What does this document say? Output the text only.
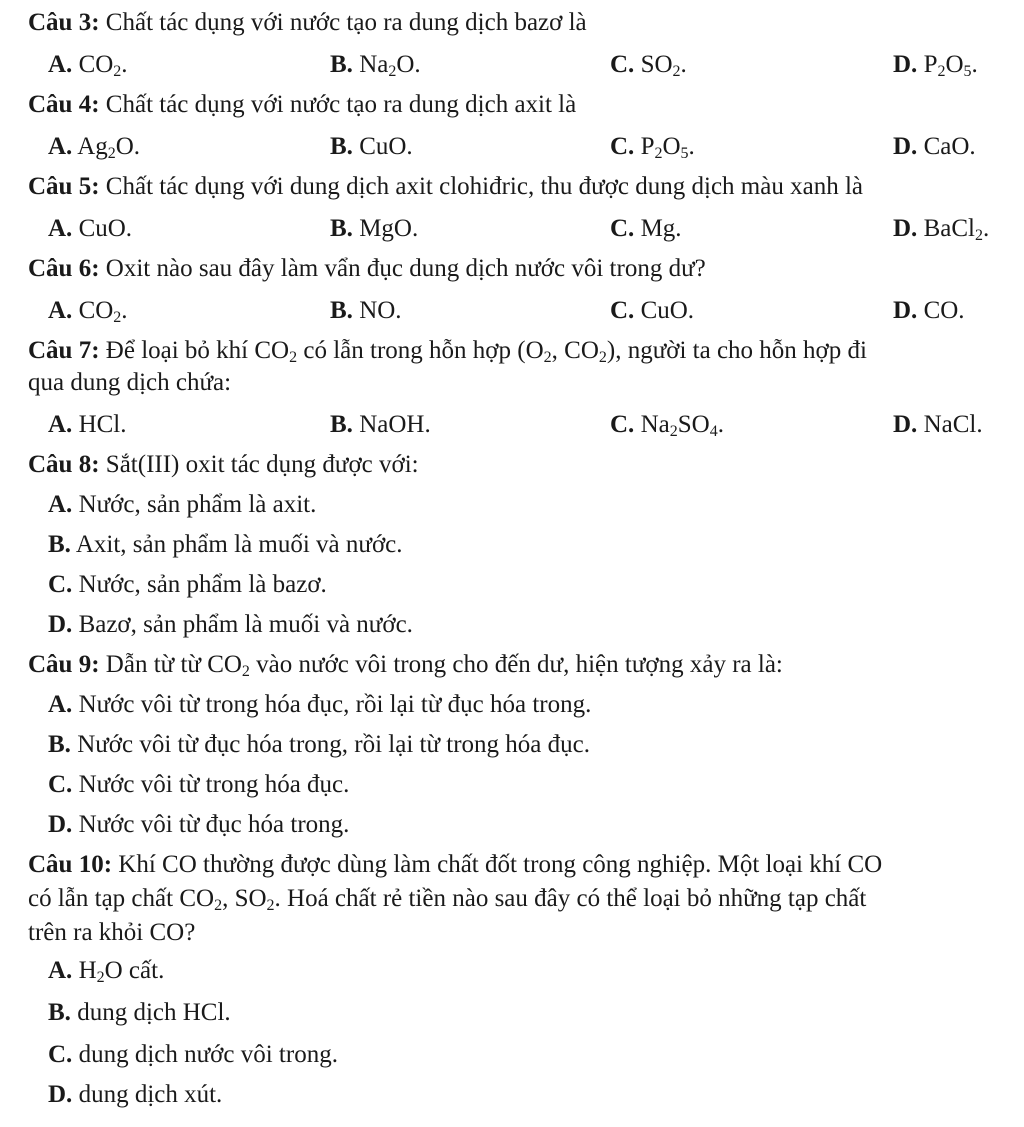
Câu 3: Chất tác dụng với nước tạo ra dung dịch bazơ là
A. $CO_2$.	B. $Na_2O$.	C. $SO_2$.	D. $P_2O_5$.
Câu 4: Chất tác dụng với nước tạo ra dung dịch axit là
A. $Ag_2O$.	B. CuO.	C. $P_2O_5$.	D. CaO.
Câu 5: Chất tác dụng với dung dịch axit clohiđric, thu được dung dịch màu xanh là
A. CuO.	B. MgO.	C. Mg.	D. BaCl$_2$.
Câu 6: Oxit nào sau đây làm vẩn đục dung dịch nước vôi trong dư?
A. $CO_2$.	B. NO.	C. CuO.	D. CO.
Câu 7: Để loại bỏ khí $CO_2$ có lẫn trong hỗn hợp ($O_2$, $CO_2$), người ta cho hỗn hợp đi
qua dung dịch chứa:
A. HCl.	B. NaOH.	C. $Na_2SO_4$.	D. NaCl.
Câu 8: Sắt(III) oxit tác dụng được với:
A. Nước, sản phẩm là axit.
B. Axit, sản phẩm là muối và nước.
C. Nước, sản phẩm là bazơ.
D. Bazơ, sản phẩm là muối và nước.
Câu 9: Dẫn từ từ $CO_2$ vào nước vôi trong cho đến dư, hiện tượng xảy ra là:
A. Nước vôi từ trong hóa đục, rồi lại từ đục hóa trong.
B. Nước vôi từ đục hóa trong, rồi lại từ trong hóa đục.
C. Nước vôi từ trong hóa đục.
D. Nước vôi từ đục hóa trong.
Câu 10: Khí CO thường được dùng làm chất đốt trong công nghiệp. Một loại khí CO
có lẫn tạp chất $CO_2$, $SO_2$. Hoá chất rẻ tiền nào sau đây có thể loại bỏ những tạp chất
trên ra khỏi CO?
A. $H_2O$ cất.
B. dung dịch HCl.
C. dung dịch nước vôi trong.
D. dung dịch xút.
